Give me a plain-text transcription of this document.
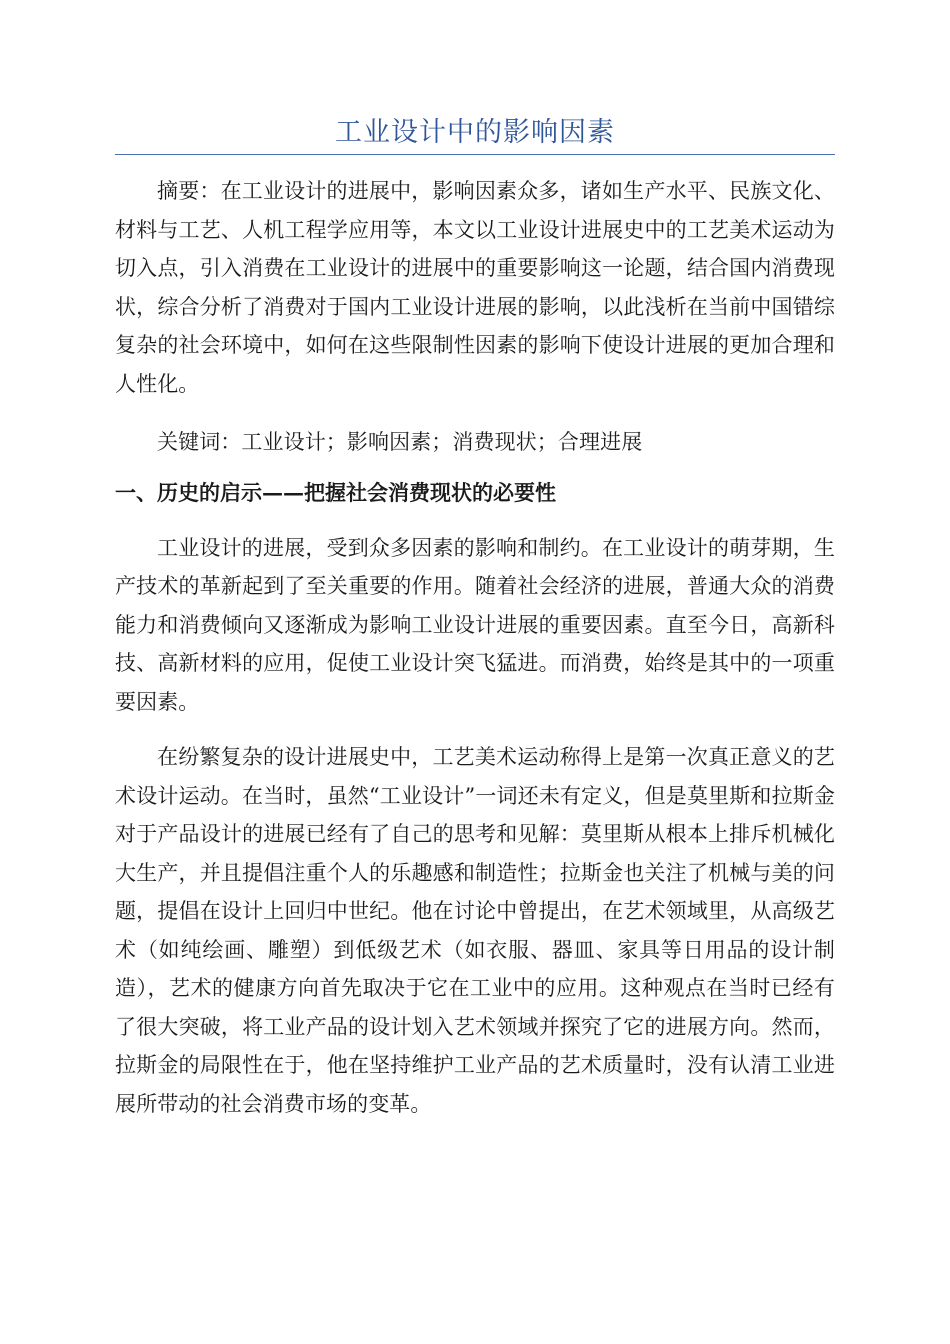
工业设计中的影响因素

摘要：在工业设计的进展中，影响因素众多，诸如生产水平、民族文化、材料与工艺、人机工程学应用等，本文以工业设计进展史中的工艺美术运动为切入点，引入消费在工业设计的进展中的重要影响这一论题，结合国内消费现状，综合分析了消费对于国内工业设计进展的影响，以此浅析在当前中国错综复杂的社会环境中，如何在这些限制性因素的影响下使设计进展的更加合理和人性化。

关键词：工业设计；影响因素；消费现状；合理进展

一、历史的启示——把握社会消费现状的必要性

工业设计的进展，受到众多因素的影响和制约。在工业设计的萌芽期，生产技术的革新起到了至关重要的作用。随着社会经济的进展，普通大众的消费能力和消费倾向又逐渐成为影响工业设计进展的重要因素。直至今日，高新科技、高新材料的应用，促使工业设计突飞猛进。而消费，始终是其中的一项重要因素。

在纷繁复杂的设计进展史中，工艺美术运动称得上是第一次真正意义的艺术设计运动。在当时，虽然“工业设计”一词还未有定义，但是莫里斯和拉斯金对于产品设计的进展已经有了自己的思考和见解：莫里斯从根本上排斥机械化大生产，并且提倡注重个人的乐趣感和制造性；拉斯金也关注了机械与美的问题，提倡在设计上回归中世纪。他在讨论中曾提出，在艺术领域里，从高级艺术（如纯绘画、雕塑）到低级艺术（如衣服、器皿、家具等日用品的设计制造），艺术的健康方向首先取决于它在工业中的应用。这种观点在当时已经有了很大突破，将工业产品的设计划入艺术领域并探究了它的进展方向。然而，拉斯金的局限性在于，他在坚持维护工业产品的艺术质量时，没有认清工业进展所带动的社会消费市场的变革。
